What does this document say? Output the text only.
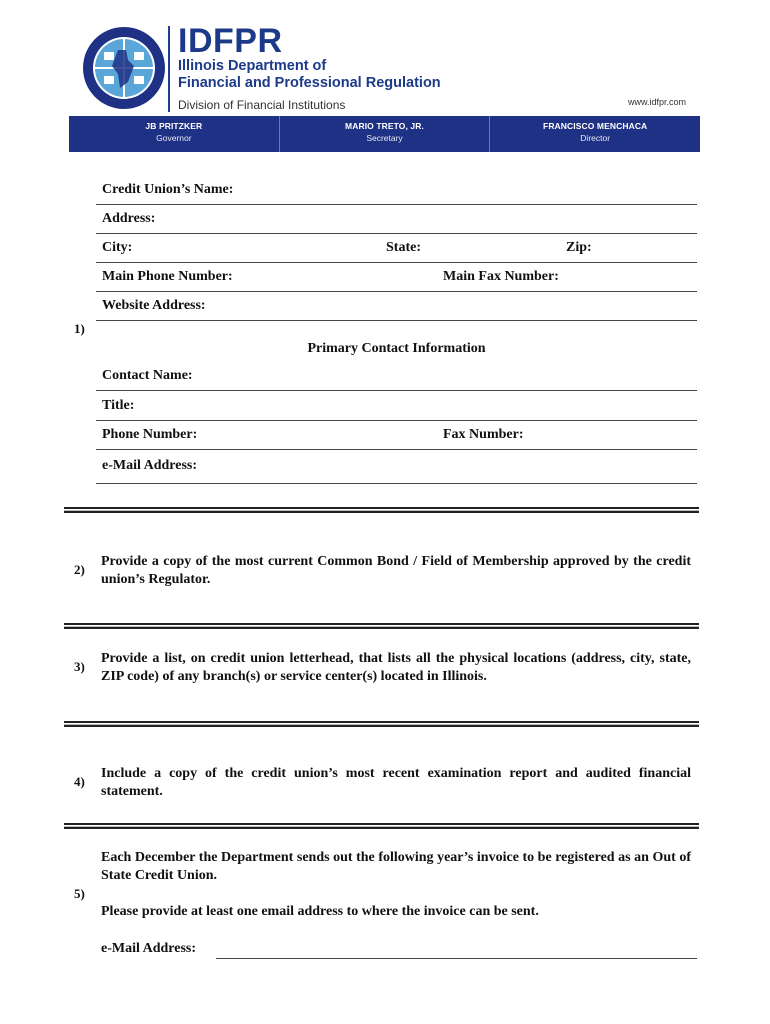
IDFPR
Illinois Department of
Financial and Professional Regulation
Division of Financial Institutions	www.idfpr.com
JB PRITZKER
Governor
MARIO TRETO, JR.
Secretary
FRANCISCO MENCHACA
Director
1)
Credit Union’s Name:
Address:
City:	State:	Zip:
Main Phone Number:	Main Fax Number:
Website Address:
Primary Contact Information
Contact Name:
Title:
Phone Number:	Fax Number:
e-Mail Address:
2)
Provide a copy of the most current Common Bond / Field of Membership approved by the credit union’s Regulator.
3)
Provide a list, on credit union letterhead, that lists all the physical locations (address, city, state, ZIP code) of any branch(s) or service center(s) located in Illinois.
4)
Include a copy of the credit union’s most recent examination report and audited financial statement.
5)
Each December the Department sends out the following year’s invoice to be registered as an Out of State Credit Union.
Please provide at least one email address to where the invoice can be sent.
e-Mail Address:
